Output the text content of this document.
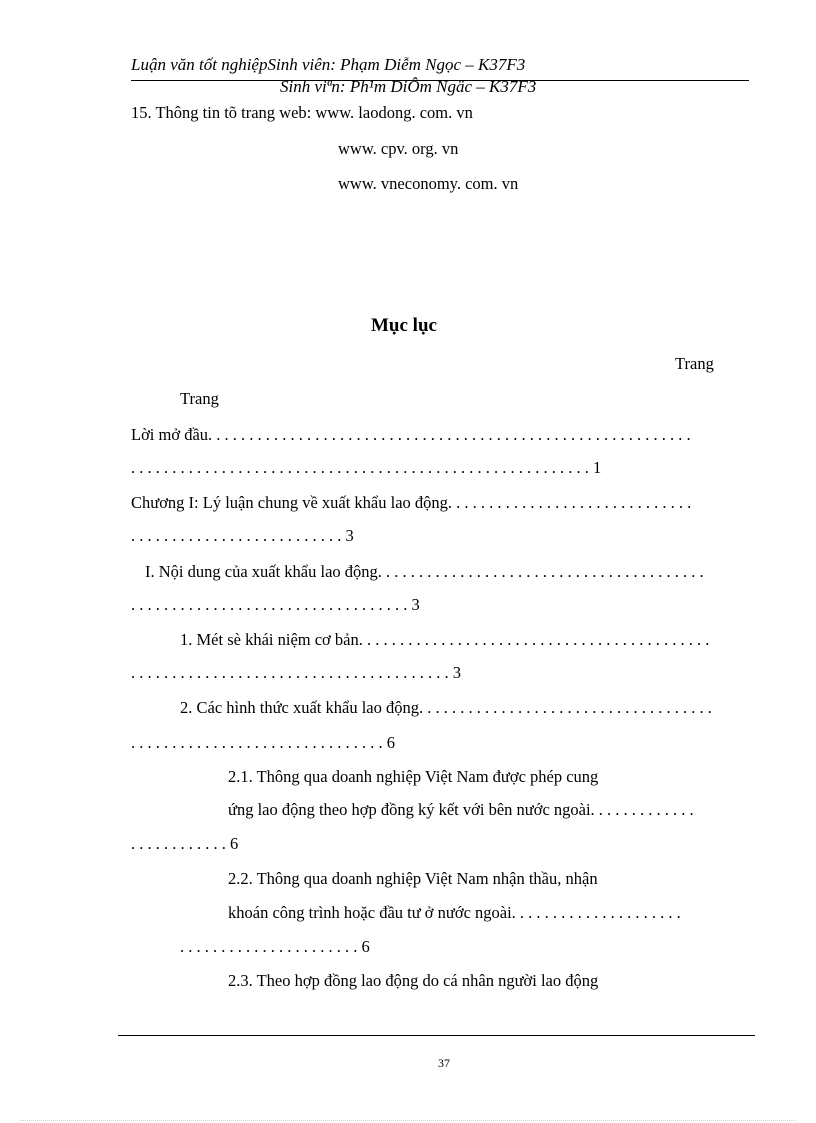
Luận văn tốt nghiệpSinh viên: Phạm Diễm Ngọc – K37F3
Sinh viªn: Ph¹m DiÔm Ngäc – K37F3
15. Thông tin tõ trang web: www. laodong. com. vn
www. cpv. org. vn
www. vneconomy. com. vn
Mục lục
Trang
Trang
Lời mở đầu. . . . . . . . . . . . . . . . . . . . . . . . . . . . . . . . . . . . . . . . . . . . . . . . . . . . . . . . . . .
. . . . . . . . . . . . . . . . . . . . . . . . . . . . . . . . . . . . . . . . . . . . . . . . . . . . . . . . 1
Chương I: Lý luận chung về xuất khẩu lao động. . . . . . . . . . . . . . . . . . . . . . . . . . . . . .
. . . . . . . . . . . . . . . . . . . . . . . . . . 3
I. Nội dung của xuất khẩu lao động. . . . . . . . . . . . . . . . . . . . . . . . . . . . . . . . . . . . . . . .
. . . . . . . . . . . . . . . . . . . . . . . . . . . . . . . . . . 3
1. Mét sè khái niệm cơ bản. . . . . . . . . . . . . . . . . . . . . . . . . . . . . . . . . . . . . . . . . . .
. . . . . . . . . . . . . . . . . . . . . . . . . . . . . . . . . . . . . . . 3
2. Các hình thức xuất khẩu lao động. . . . . . . . . . . . . . . . . . . . . . . . . . . . . . . . . . . .
. . . . . . . . . . . . . . . . . . . . . . . . . . . . . . . 6
2.1. Thông qua doanh nghiệp Việt Nam được phép cung
ứng lao động theo hợp đồng ký kết với bên nước ngoài. . . . . . . . . . . . .
. . . . . . . . . . . . 6
2.2. Thông qua doanh nghiệp Việt Nam nhận thầu, nhận
khoán công trình hoặc đầu tư ở nước ngoài. . . . . . . . . . . . . . . . . . . . .
. . . . . . . . . . . . . . . . . . . . . . 6
2.3. Theo hợp đồng lao động do cá nhân người lao động
37
